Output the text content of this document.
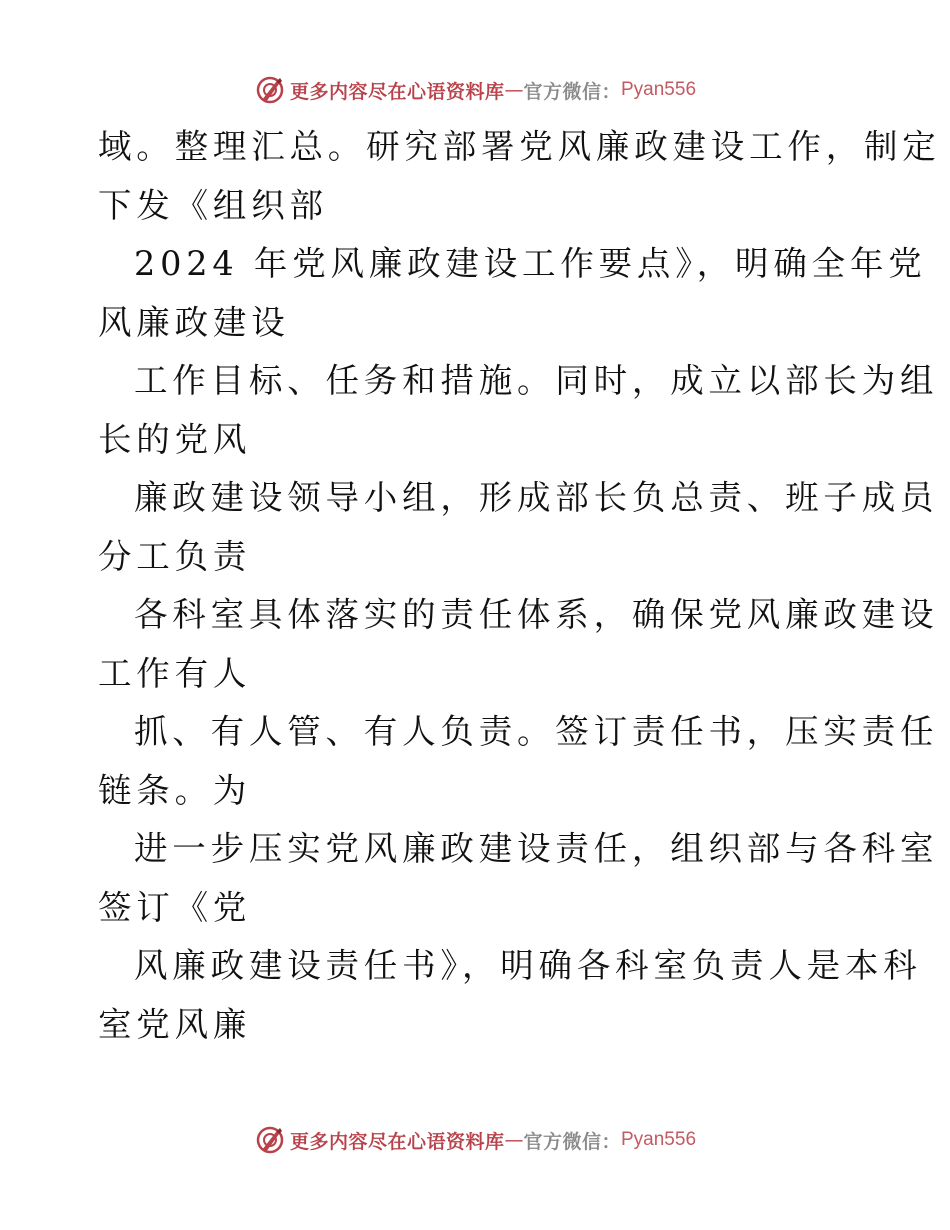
更多内容尽在心语资料库 — 官方微信： Pyan556
域。整理汇总。研究部署党风廉政建设工作，制定
下发《组织部
2024 年党风廉政建设工作要点》，明确全年党
风廉政建设
工作目标、任务和措施。同时，成立以部长为组
长的党风
廉政建设领导小组，形成部长负总责、班子成员
分工负责
各科室具体落实的责任体系，确保党风廉政建设
工作有人
抓、有人管、有人负责。签订责任书，压实责任
链条。为
进一步压实党风廉政建设责任，组织部与各科室
签订《党
风廉政建设责任书》，明确各科室负责人是本科
室党风廉
更多内容尽在心语资料库 — 官方微信： Pyan556
